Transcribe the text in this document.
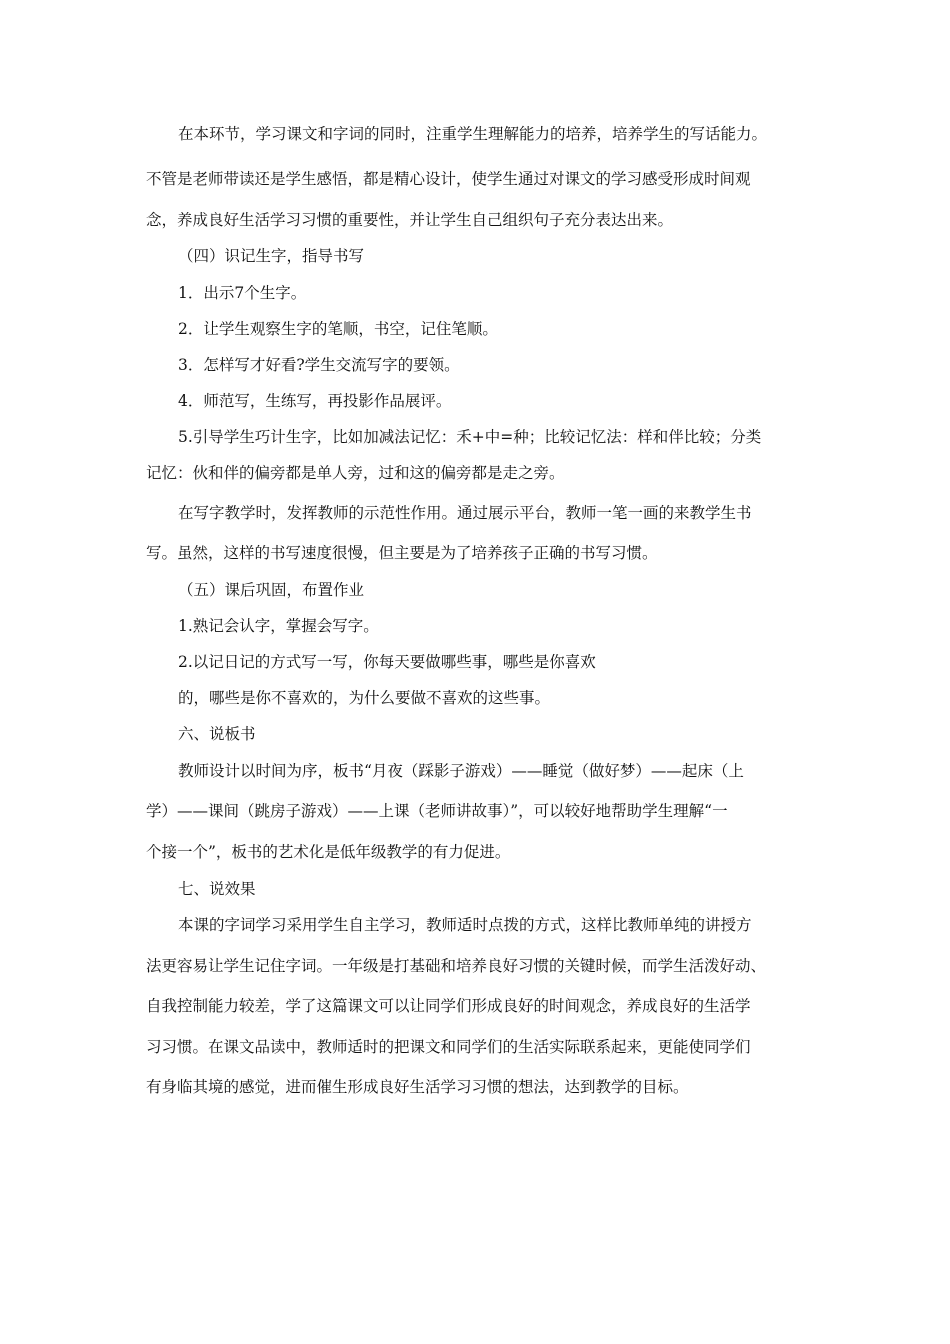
在本环节，学习课文和字词的同时，注重学生理解能力的培养，培养学生的写话能力。
不管是老师带读还是学生感悟，都是精心设计，使学生通过对课文的学习感受形成时间观
念，养成良好生活学习习惯的重要性，并让学生自己组织句子充分表达出来。
（四）识记生字，指导书写
1．出示7个生字。
2．让学生观察生字的笔顺，书空，记住笔顺。
3．怎样写才好看?学生交流写字的要领。
4．师范写，生练写，再投影作品展评。
5.引导学生巧计生字，比如加减法记忆：禾+中=种；比较记忆法：样和伴比较；分类
记忆：伙和伴的偏旁都是单人旁，过和这的偏旁都是走之旁。
在写字教学时，发挥教师的示范性作用。通过展示平台，教师一笔一画的来教学生书
写。虽然，这样的书写速度很慢，但主要是为了培养孩子正确的书写习惯。
（五）课后巩固，布置作业
1.熟记会认字，掌握会写字。
2.以记日记的方式写一写，你每天要做哪些事，哪些是你喜欢
的，哪些是你不喜欢的，为什么要做不喜欢的这些事。
六、说板书
教师设计以时间为序，板书“月夜（踩影子游戏）——睡觉（做好梦）——起床（上
学）——课间（跳房子游戏）——上课（老师讲故事）”，可以较好地帮助学生理解“一
个接一个”，板书的艺术化是低年级教学的有力促进。
七、说效果
本课的字词学习采用学生自主学习，教师适时点拨的方式，这样比教师单纯的讲授方
法更容易让学生记住字词。一年级是打基础和培养良好习惯的关键时候，而学生活泼好动、
自我控制能力较差，学了这篇课文可以让同学们形成良好的时间观念，养成良好的生活学
习习惯。在课文品读中，教师适时的把课文和同学们的生活实际联系起来，更能使同学们
有身临其境的感觉，进而催生形成良好生活学习习惯的想法，达到教学的目标。
